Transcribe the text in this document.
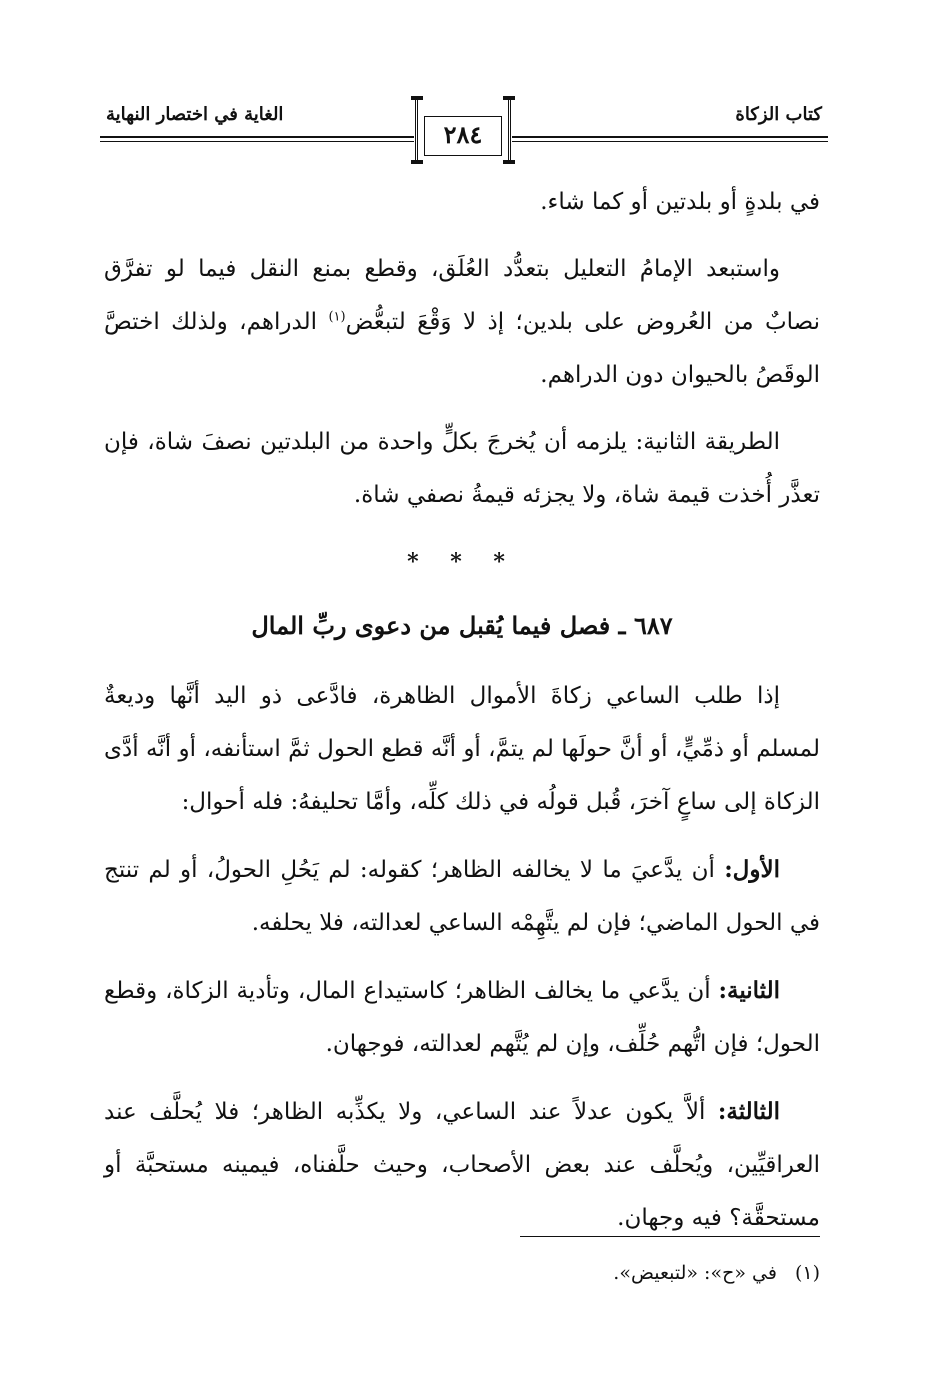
كتاب الزكاة
الغاية في اختصار النهاية
٢٨٤

في بلدةٍ أو بلدتين أو كما شاء.

واستبعد الإمامُ التعليل بتعدُّد العُلَق، وقطع بمنع النقل فيما لو تفرَّق نصابٌ من العُروض على بلدين؛ إذ لا وَقْعَ لتبعُّض$^{(١)}$ الدراهم، ولذلك اختصَّ الوقَصُ بالحيوان دون الدراهم.

الطريقة الثانية: يلزمه أن يُخرجَ بكلٍّ واحدة من البلدتين نصفَ شاة، فإن تعذَّر أُخذت قيمة شاة، ولا يجزئه قيمةُ نصفي شاة.

* * *
٦٨٧ ـ فصل فيما يُقبل من دعوى ربِّ المال

إذا طلب الساعي زكاةَ الأموال الظاهرة، فادَّعى ذو اليد أنَّها وديعةٌ لمسلم أو ذمِّيٍّ، أو أنَّ حولَها لم يتمَّ، أو أنَّه قطع الحول ثمَّ استأنفه، أو أنَّه أدَّى الزكاة إلى ساعٍ آخرَ، قُبل قولُه في ذلك كلِّه، وأمَّا تحليفهُ: فله أحوال:

الأول: أن يدَّعيَ ما لا يخالفه الظاهر؛ كقوله: لم يَحُلِ الحولُ، أو لم تنتج في الحول الماضي؛ فإن لم يتَّهِمْه الساعي لعدالته، فلا يحلفه.

الثانية: أن يدَّعي ما يخالف الظاهر؛ كاستيداع المال، وتأدية الزكاة، وقطع الحول؛ فإن اتُّهم حُلِّف، وإن لم يُتَّهم لعدالته، فوجهان.

الثالثة: ألاَّ يكون عدلاً عند الساعي، ولا يكذِّبه الظاهر؛ فلا يُحلَّف عند العراقيِّين، ويُحلَّف عند بعض الأصحاب، وحيث حلَّفناه، فيمينه مستحبَّة أو مستحقَّة؟ فيه وجهان.

(١)في «ح»: «لتبعيض».
